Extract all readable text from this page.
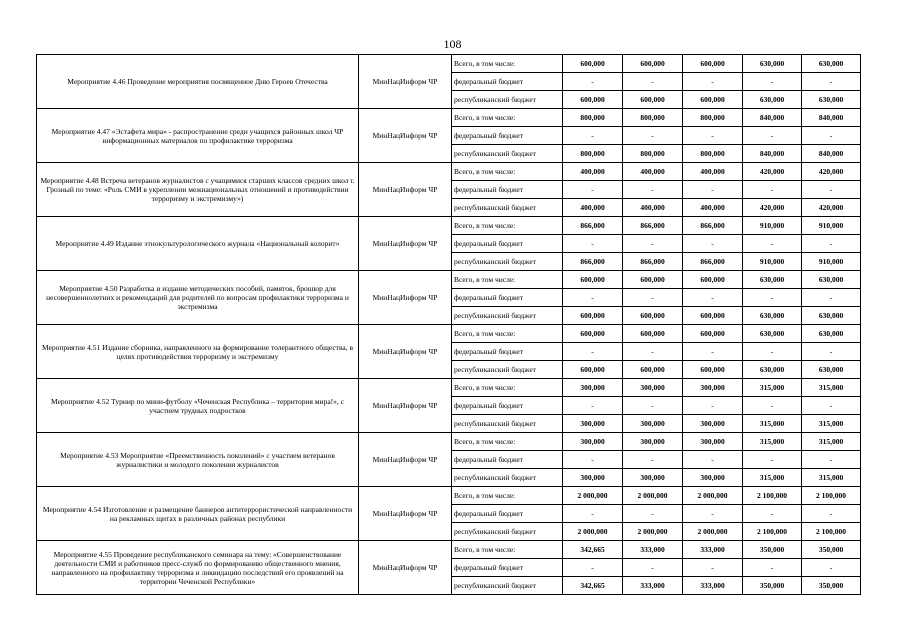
108
Мероприятие 4.46 Проведение мероприятия посвященное Дню Героев Отечества	МинНацИнформ ЧР	Всего, в том числе:	600,000	600,000	600,000	630,000	630,000
		федеральный бюджет	-	-	-	-	-
		республиканский бюджет	600,000	600,000	600,000	630,000	630,000
Мероприятие 4.47 «Эстафета мира» - распространение среди учащихся районных школ ЧР информационных материалов по профилактике терроризма	МинНацИнформ ЧР	Всего, в том числе:	800,000	800,000	800,000	840,000	840,000
		федеральный бюджет	-	-	-	-	-
		республиканский бюджет	800,000	800,000	800,000	840,000	840,000
Мероприятие 4.48 Встреча ветеранов журналистов с учащимися старших классов средних школ г. Грозный по теме: «Роль СМИ в укреплении межнациональных отношений и противодействии терроризму и экстремизму»)	МинНацИнформ ЧР	Всего, в том числе:	400,000	400,000	400,000	420,000	420,000
		федеральный бюджет	-	-	-	-	-
		республиканский бюджет	400,000	400,000	400,000	420,000	420,000
Мероприятие 4.49 Издание этнокультурологического журнала «Национальный колорит»	МинНацИнформ ЧР	Всего, в том числе:	866,000	866,000	866,000	910,000	910,000
		федеральный бюджет	-	-	-	-	-
		республиканский бюджет	866,000	866,000	866,000	910,000	910,000
Мероприятие 4.50 Разработка и издание методических пособий, памяток, брошюр для несовершеннолетних и рекомендаций для родителей по вопросам профилактики терроризма и экстремизма	МинНацИнформ ЧР	Всего, в том числе:	600,000	600,000	600,000	630,000	630,000
		федеральный бюджет	-	-	-	-	-
		республиканский бюджет	600,000	600,000	600,000	630,000	630,000
Мероприятие 4.51 Издание сборника, направленного на формирование толерантного общества, в целях противодействия терроризму и экстремизму	МинНацИнформ ЧР	Всего, в том числе:	600,000	600,000	600,000	630,000	630,000
		федеральный бюджет	-	-	-	-	-
		республиканский бюджет	600,000	600,000	600,000	630,000	630,000
Мероприятие 4.52 Турнир по мини-футболу «Чеченская Республика – территория мира!», с участием трудных подростков	МинНацИнформ ЧР	Всего, в том числе:	300,000	300,000	300,000	315,000	315,000
		федеральный бюджет	-	-	-	-	-
		республиканский бюджет	300,000	300,000	300,000	315,000	315,000
Мероприятие 4.53 Мероприятие «Преемственность поколений» с участием ветеранов журналистики и молодого поколения журналистов	МинНацИнформ ЧР	Всего, в том числе:	300,000	300,000	300,000	315,000	315,000
		федеральный бюджет	-	-	-	-	-
		республиканский бюджет	300,000	300,000	300,000	315,000	315,000
Мероприятие 4.54 Изготовление и размещение баннеров антитеррористической направленности на рекламных щитах в различных районах республики	МинНацИнформ ЧР	Всего, в том числе:	2 000,000	2 000,000	2 000,000	2 100,000	2 100,000
		федеральный бюджет	-	-	-	-	-
		республиканский бюджет	2 000,000	2 000,000	2 000,000	2 100,000	2 100,000
Мероприятие 4.55 Проведение республиканского семинара на тему: «Совершенствование деятельности СМИ и работников пресс-служб по формированию общественного мнения, направленного на профилактику терроризма и ликвидацию последствий его проявлений на территории Чеченской Республики»	МинНацИнформ ЧР	Всего, в том числе:	342,665	333,000	333,000	350,000	350,000
		федеральный бюджет	-	-	-	-	-
		республиканский бюджет	342,665	333,000	333,000	350,000	350,000
